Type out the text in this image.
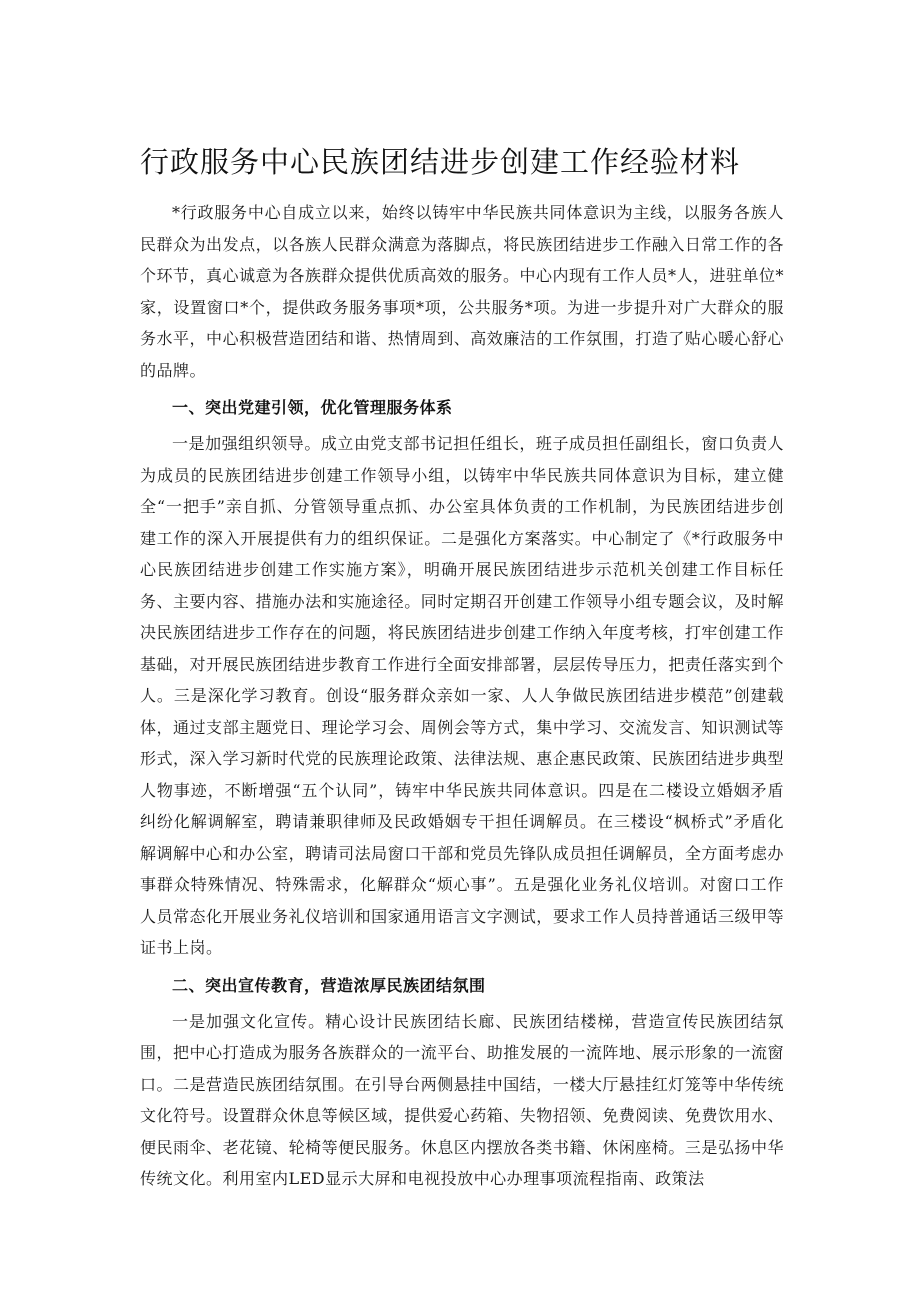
行政服务中心民族团结进步创建工作经验材料

*行政服务中心自成立以来，始终以铸牢中华民族共同体意识为主线，以服务各族人民群众为出发点，以各族人民群众满意为落脚点，将民族团结进步工作融入日常工作的各个环节，真心诚意为各族群众提供优质高效的服务。中心内现有工作人员*人，进驻单位*家，设置窗口*个，提供政务服务事项*项，公共服务*项。为进一步提升对广大群众的服务水平，中心积极营造团结和谐、热情周到、高效廉洁的工作氛围，打造了贴心暖心舒心的品牌。

一、突出党建引领，优化管理服务体系

一是加强组织领导。成立由党支部书记担任组长，班子成员担任副组长，窗口负责人为成员的民族团结进步创建工作领导小组，以铸牢中华民族共同体意识为目标，建立健全“一把手”亲自抓、分管领导重点抓、办公室具体负责的工作机制，为民族团结进步创建工作的深入开展提供有力的组织保证。二是强化方案落实。中心制定了《*行政服务中心民族团结进步创建工作实施方案》，明确开展民族团结进步示范机关创建工作目标任务、主要内容、措施办法和实施途径。同时定期召开创建工作领导小组专题会议，及时解决民族团结进步工作存在的问题，将民族团结进步创建工作纳入年度考核，打牢创建工作基础，对开展民族团结进步教育工作进行全面安排部署，层层传导压力，把责任落实到个人。三是深化学习教育。创设“服务群众亲如一家、人人争做民族团结进步模范”创建载体，通过支部主题党日、理论学习会、周例会等方式，集中学习、交流发言、知识测试等形式，深入学习新时代党的民族理论政策、法律法规、惠企惠民政策、民族团结进步典型人物事迹，不断增强“五个认同”，铸牢中华民族共同体意识。四是在二楼设立婚姻矛盾纠纷化解调解室，聘请兼职律师及民政婚姻专干担任调解员。在三楼设“枫桥式”矛盾化解调解中心和办公室，聘请司法局窗口干部和党员先锋队成员担任调解员，全方面考虑办事群众特殊情况、特殊需求，化解群众“烦心事”。五是强化业务礼仪培训。对窗口工作人员常态化开展业务礼仪培训和国家通用语言文字测试，要求工作人员持普通话三级甲等证书上岗。

二、突出宣传教育，营造浓厚民族团结氛围

一是加强文化宣传。精心设计民族团结长廊、民族团结楼梯，营造宣传民族团结氛围，把中心打造成为服务各族群众的一流平台、助推发展的一流阵地、展示形象的一流窗口。二是营造民族团结氛围。在引导台两侧悬挂中国结，一楼大厅悬挂红灯笼等中华传统文化符号。设置群众休息等候区域，提供爱心药箱、失物招领、免费阅读、免费饮用水、便民雨伞、老花镜、轮椅等便民服务。休息区内摆放各类书籍、休闲座椅。三是弘扬中华传统文化。利用室内LED显示大屏和电视投放中心办理事项流程指南、政策法
